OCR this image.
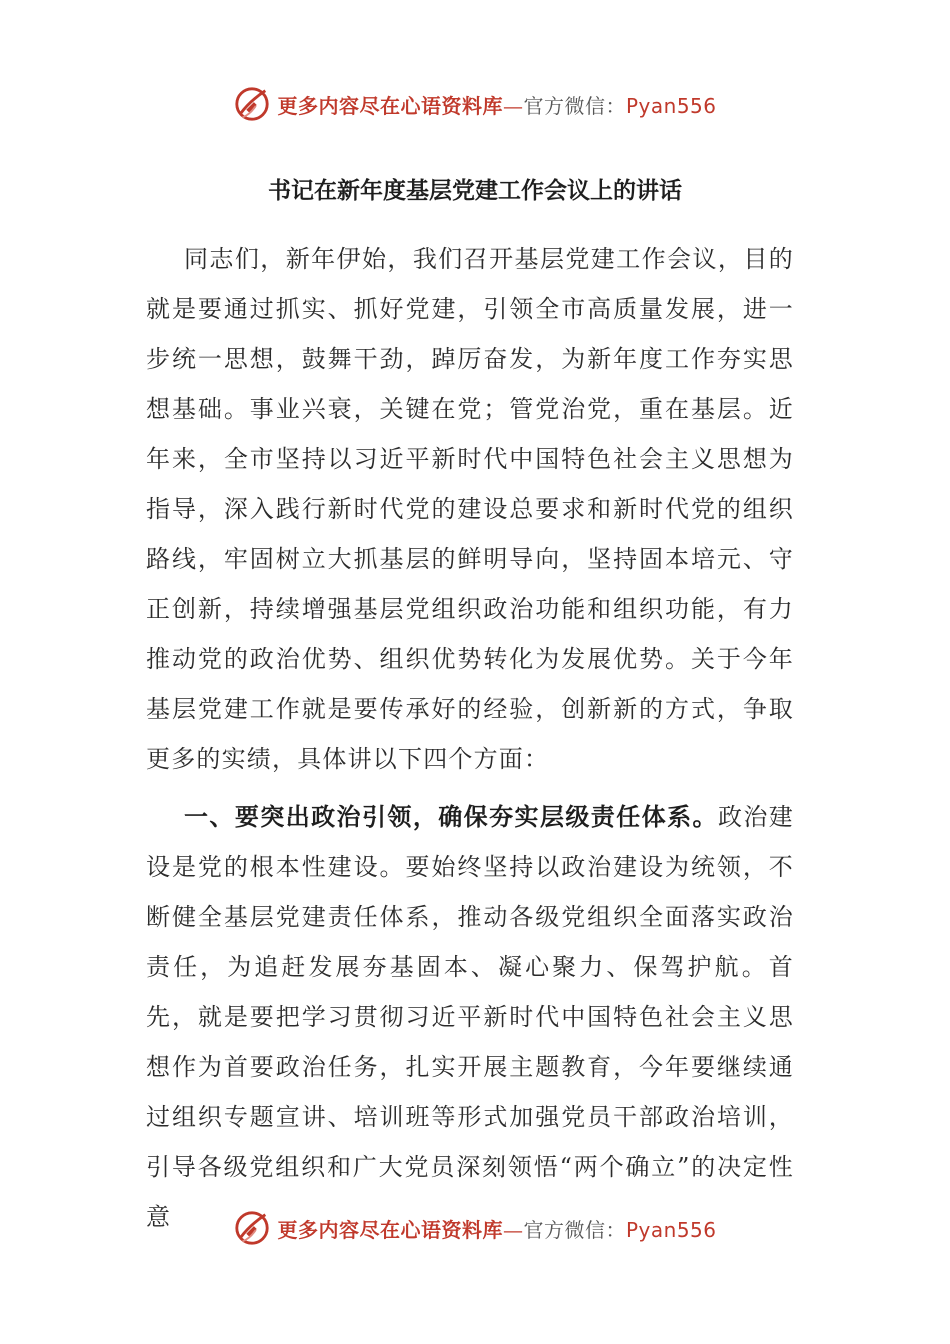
更多内容尽在心语资料库—官方微信：Pyan556
书记在新年度基层党建工作会议上的讲话

同志们，新年伊始，我们召开基层党建工作会议，目的就是要通过抓实、抓好党建，引领全市高质量发展，进一步统一思想，鼓舞干劲，踔厉奋发，为新年度工作夯实思想基础。事业兴衰，关键在党；管党治党，重在基层。近年来，全市坚持以习近平新时代中国特色社会主义思想为指导，深入践行新时代党的建设总要求和新时代党的组织路线，牢固树立大抓基层的鲜明导向，坚持固本培元、守正创新，持续增强基层党组织政治功能和组织功能，有力推动党的政治优势、组织优势转化为发展优势。关于今年基层党建工作就是要传承好的经验，创新新的方式，争取更多的实绩，具体讲以下四个方面：

一、要突出政治引领，确保夯实层级责任体系。政治建设是党的根本性建设。要始终坚持以政治建设为统领，不断健全基层党建责任体系，推动各级党组织全面落实政治责任，为追赶发展夯基固本、凝心聚力、保驾护航。首先，就是要把学习贯彻习近平新时代中国特色社会主义思想作为首要政治任务，扎实开展主题教育，今年要继续通过组织专题宣讲、培训班等形式加强党员干部政治培训，引导各级党组织和广大党员深刻领悟“两个确立”的决定性意	更多内容尽在心语资料库—官方微信：Pyan556
